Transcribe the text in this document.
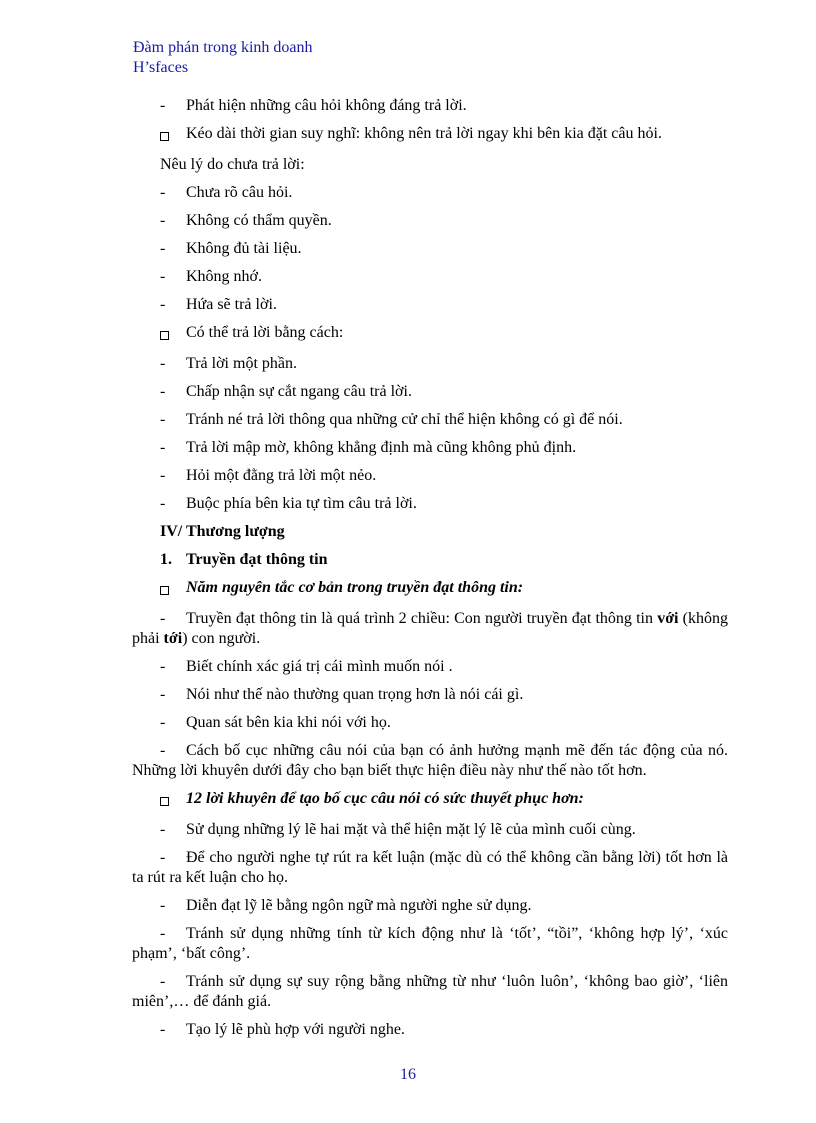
Đàm phán trong kinh doanh
H’sfaces
-	Phát hiện những câu hỏi không đáng trả lời.
Kéo dài thời gian suy nghĩ: không nên trả lời ngay khi bên kia đặt câu hỏi.
Nêu lý do chưa trả lời:
-	Chưa rõ câu hỏi.
-	Không có thẩm quyền.
-	Không đủ tài liệu.
-	Không nhớ.
-	Hứa sẽ trả lời.
Có thể trả lời bằng cách:
-	Trả lời một phần.
-	Chấp nhận sự cắt ngang câu trả lời.
-	Tránh né trả lời thông qua những cử chỉ thể hiện không có gì để nói.
-	Trả lời mập mờ, không khẳng định mà cũng không phủ định.
-	Hỏi một đằng trả lời một nẻo.
-	Buộc phía bên kia tự tìm câu trả lời.
IV/ Thương lượng
1. Truyền đạt thông tin
Năm nguyên tắc cơ bản trong truyền đạt thông tin:
- Truyền đạt thông tin là quá trình 2 chiều: Con người truyền đạt thông tin với (không phải tới) con người.
-	Biết chính xác giá trị cái mình muốn nói .
-	Nói như thế nào thường quan trọng hơn là nói cái gì.
-	Quan sát bên kia khi nói với họ.
- Cách bố cục những câu nói của bạn có ảnh hưởng mạnh mẽ đến tác động của nó. Những lời khuyên dưới đây cho bạn biết thực hiện điều này như thế nào tốt hơn.
12 lời khuyên để tạo bố cục câu nói có sức thuyết phục hơn:
-	Sử dụng những lý lẽ hai mặt và thể hiện mặt lý lẽ của mình cuối cùng.
- Để cho người nghe tự rút ra kết luận (mặc dù có thể không cần bằng lời) tốt hơn là ta rút ra kết luận cho họ.
-	Diễn đạt lỹ lẽ bằng ngôn ngữ mà người nghe sử dụng.
- Tránh sử dụng những tính từ kích động như là ‘tốt’, “tồi”, ‘không hợp lý’, ‘xúc phạm’, ‘bất công’.
- Tránh sử dụng sự suy rộng bằng những từ như ‘luôn luôn’, ‘không bao giờ’, ‘liên miên’,… để đánh giá.
-	Tạo lý lẽ phù hợp với người nghe.
16
